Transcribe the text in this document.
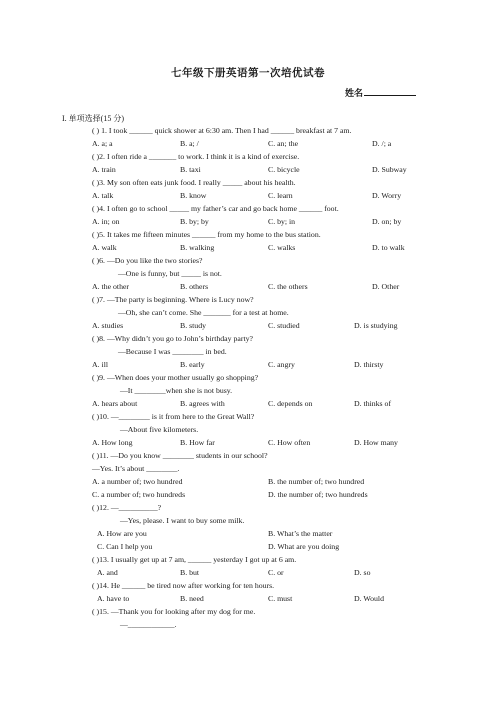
七年级下册英语第一次培优试卷
姓名
I. 单项选择(15 分)
( ) 1. I took ______ quick shower at 6:30 am. Then I had ______ breakfast at 7 am.
A. a; a	B. a; /	C. an; the	D. /; a
( )2. I often ride a _______ to work. I think it is a kind of exercise.
A. train	B. taxi	C. bicycle	D. Subway
( )3. My son often eats junk food. I really _____ about his health.
A. talk	B. know	C. learn	D. Worry
( )4. I often go to school _____ my father’s car and go back home ______ foot.
A. in; on	B. by; by	C. by; in	D. on; by
( )5. It takes me fifteen minutes ______ from my home to the bus station.
A. walk	B. walking	C. walks	D. to walk
( )6. —Do you like the two stories?
—One is funny, but _____ is not.
A. the other	B. others	C. the others	D. Other
( )7. —The party is beginning. Where is Lucy now?
—Oh, she can’t come. She _______ for a test at home.
A. studies	B. study	C. studied	D. is studying
( )8. —Why didn’t you go to John’s birthday party?
—Because I was ________ in bed.
A. ill	B. early	C. angry	D. thirsty
( )9. —When does your mother usually go shopping?
—It ________when she is not busy.
A. hears about	B. agrees with	C. depends on	D. thinks of
( )10. —________ is it from here to the Great Wall?
—About five kilometers.
A. How long	B. How far	C. How often	D. How many
( )11. —Do you know ________ students in our school?
—Yes. It’s about ________.
A. a number of; two hundred	B. the number of; two hundred
C. a number of; two hundreds	D. the number of; two hundreds
( )12. —__________?
—Yes, please. I want to buy some milk.
A. How are you	B. What’s the matter
C. Can I help you	D. What are you doing
( )13. I usually get up at 7 am, ______ yesterday I got up at 6 am.
A. and	B. but	C. or	D. so
( )14. He ______ be tired now after working for ten hours.
A. have to	B. need	C. must	D. Would
( )15. —Thank you for looking after my dog for me.
—____________.
